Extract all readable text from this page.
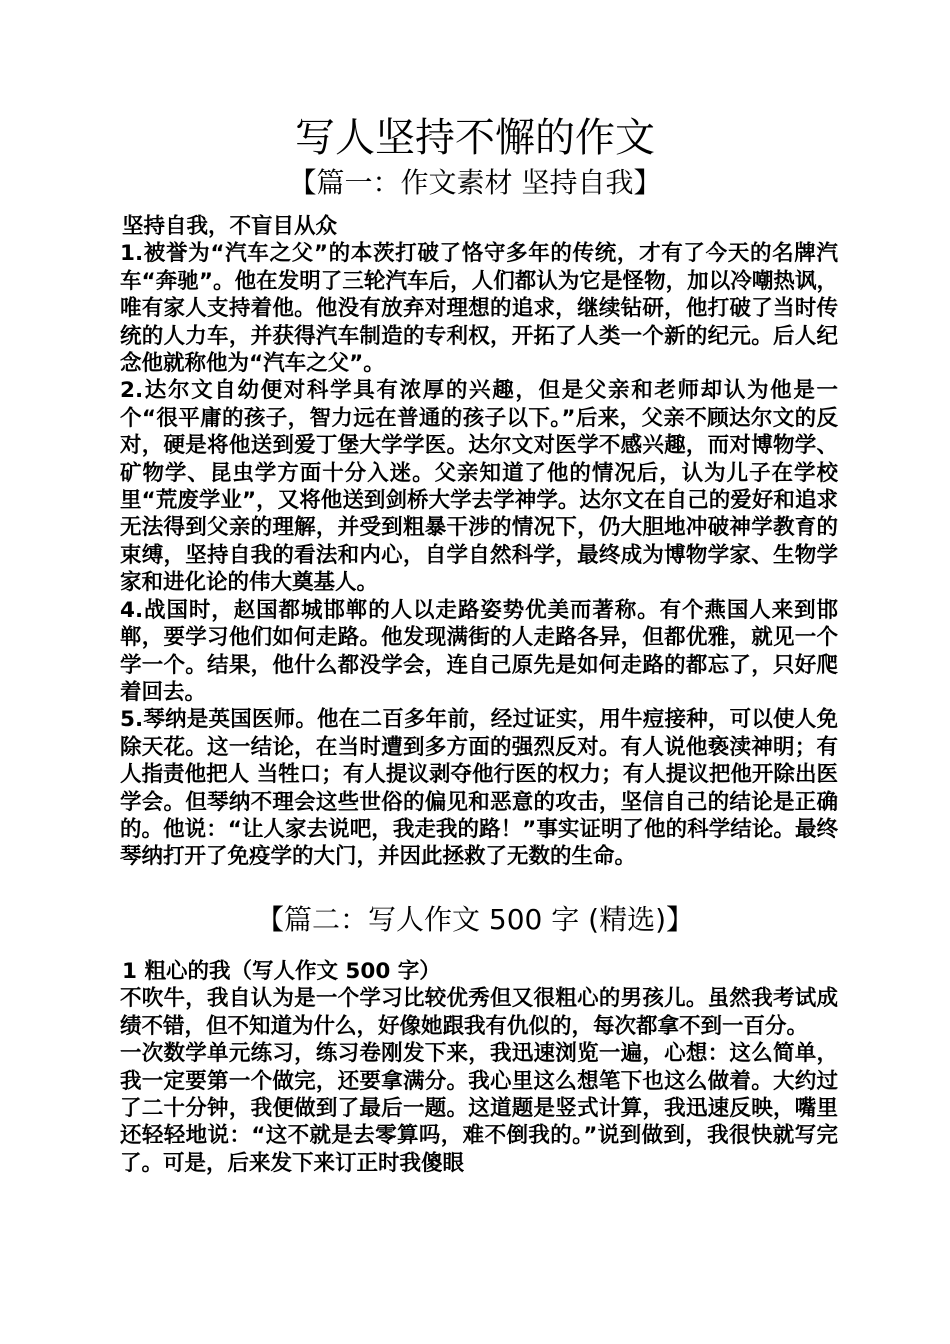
写人坚持不懈的作文
【篇一：作文素材 坚持自我】

坚持自我，不盲目从众

1.被誉为“汽车之父”的本茨打破了恪守多年的传统，才有了今天的名牌汽车“奔驰”。他在发明了三轮汽车后，人们都认为它是怪物，加以冷嘲热讽，唯有家人支持着他。他没有放弃对理想的追求，继续钻研，他打破了当时传统的人力车，并获得汽车制造的专利权，开拓了人类一个新的纪元。后人纪念他就称他为“汽车之父”。

2.达尔文自幼便对科学具有浓厚的兴趣，但是父亲和老师却认为他是一个“很平庸的孩子，智力远在普通的孩子以下。”后来，父亲不顾达尔文的反对，硬是将他送到爱丁堡大学学医。达尔文对医学不感兴趣，而对博物学、矿物学、昆虫学方面十分入迷。父亲知道了他的情况后，认为儿子在学校里“荒废学业”，又将他送到剑桥大学去学神学。达尔文在自己的爱好和追求无法得到父亲的理解，并受到粗暴干涉的情况下，仍大胆地冲破神学教育的束缚，坚持自我的看法和内心，自学自然科学，最终成为博物学家、生物学家和进化论的伟大奠基人。

4.战国时，赵国都城邯郸的人以走路姿势优美而著称。有个燕国人来到邯郸，要学习他们如何走路。他发现满街的人走路各异，但都优雅，就见一个学一个。结果，他什么都没学会，连自己原先是如何走路的都忘了，只好爬着回去。

5.琴纳是英国医师。他在二百多年前，经过证实，用牛痘接种，可以使人免除天花。这一结论，在当时遭到多方面的强烈反对。有人说他亵渎神明；有人指责他把人 当牲口；有人提议剥夺他行医的权力；有人提议把他开除出医学会。但琴纳不理会这些世俗的偏见和恶意的攻击，坚信自己的结论是正确的。他说：“让人家去说吧，我走我的路！”事实证明了他的科学结论。最终琴纳打开了免疫学的大门，并因此拯救了无数的生命。

【篇二：写人作文 500 字 (精选)】

1 粗心的我（写人作文 500 字）

不吹牛，我自认为是一个学习比较优秀但又很粗心的男孩儿。虽然我考试成绩不错，但不知道为什么，好像她跟我有仇似的，每次都拿不到一百分。

一次数学单元练习，练习卷刚发下来，我迅速浏览一遍，心想：这么简单，我一定要第一个做完，还要拿满分。我心里这么想笔下也这么做着。大约过了二十分钟，我便做到了最后一题。这道题是竖式计算，我迅速反映，嘴里还轻轻地说：“这不就是去零算吗，难不倒我的。”说到做到，我很快就写完了。可是，后来发下来订正时我傻眼
